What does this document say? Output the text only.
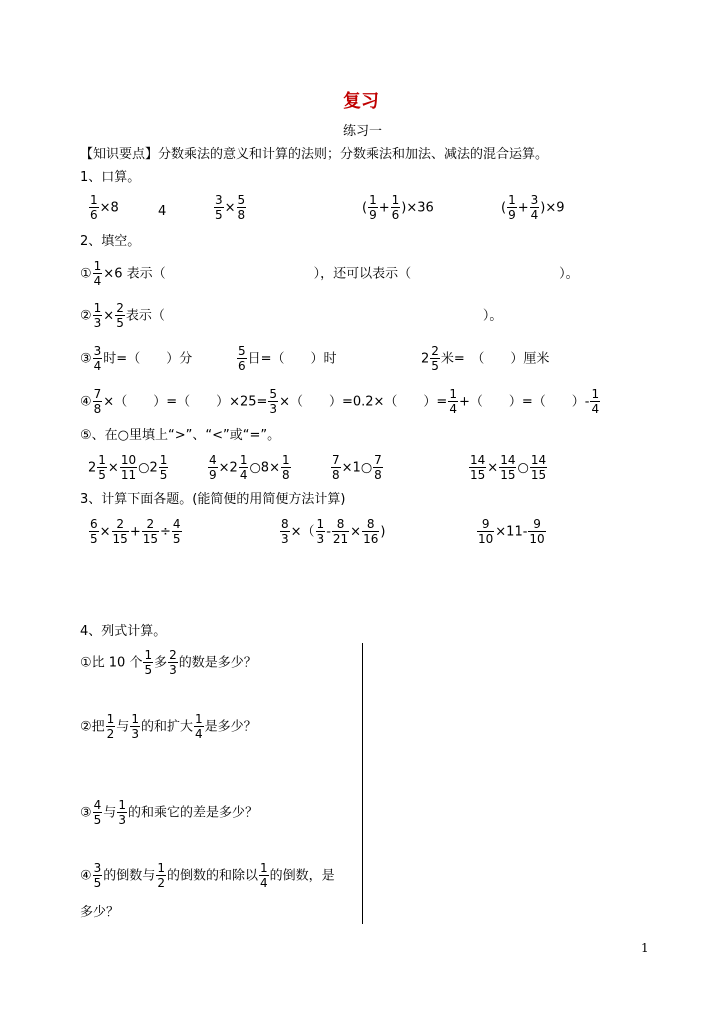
复习
练习一
【知识要点】分数乘法的意义和计算的法则；分数乘法和加法、减法的混合运算。
1、口算。
$\frac{1}{6} \times 8$	4	$\frac{3}{5} \times \frac{5}{8}$	( $\frac{1}{9} + \frac{1}{6} )\times 36$	( $\frac{1}{9} + \frac{3}{4} )\times 9$
2、填空。
① $\frac{1}{4} \times 6$ 表示（	），还可以表示（	）。
② $\frac{1}{3} \times \frac{2}{5}$ 表示（	）。
③ $\frac{3}{4}$ 时=（　　）分	$\frac{5}{6}$ 日=（　　）时	$2 \frac{2}{5}$ 米=　（　　）厘米
④ $\frac{7}{8}$ ×（　　）=（　　）$\times 25= \frac{5}{3}$ ×（　　）=0.2×（　　）= $\frac{1}{4}$ +（　　）=（　　）- $\frac{1}{4}$
⑤、在○里填上“>”、“<”或“=”。
$2 \frac{1}{5} \times \frac{10}{11}$ ○2 $\frac{1}{5}$	$\frac{4}{9} \times 2 \frac{1}{4}$ ○8× $\frac{1}{8}$	$\frac{7}{8}$ ×1○ $\frac{7}{8}$	$\frac{14}{15} \times \frac{14}{15}$ ○ $\frac{14}{15}$
3、计算下面各题。(能简便的用简便方法计算)
$\frac{6}{5} \times \frac{2}{15} + \frac{2}{15} \div \frac{4}{5}$	$\frac{8}{3}$ ×（ $\frac{1}{3} - \frac{8}{21} \times \frac{8}{16}$ )	$\frac{9}{10} \times 11- \frac{9}{10}$
4、列式计算。
①比 10 个 $\frac{1}{5}$ 多 $\frac{2}{3}$ 的数是多少？
②把 $\frac{1}{2}$ 与 $\frac{1}{3}$ 的和扩大 $\frac{1}{4}$ 是多少？
③ $\frac{4}{5}$ 与 $\frac{1}{3}$ 的和乘它的差是多少？
④ $\frac{3}{5}$ 的倒数与 $\frac{1}{2}$ 的倒数的和除以 $\frac{1}{4}$ 的倒数，是
多少？
1
